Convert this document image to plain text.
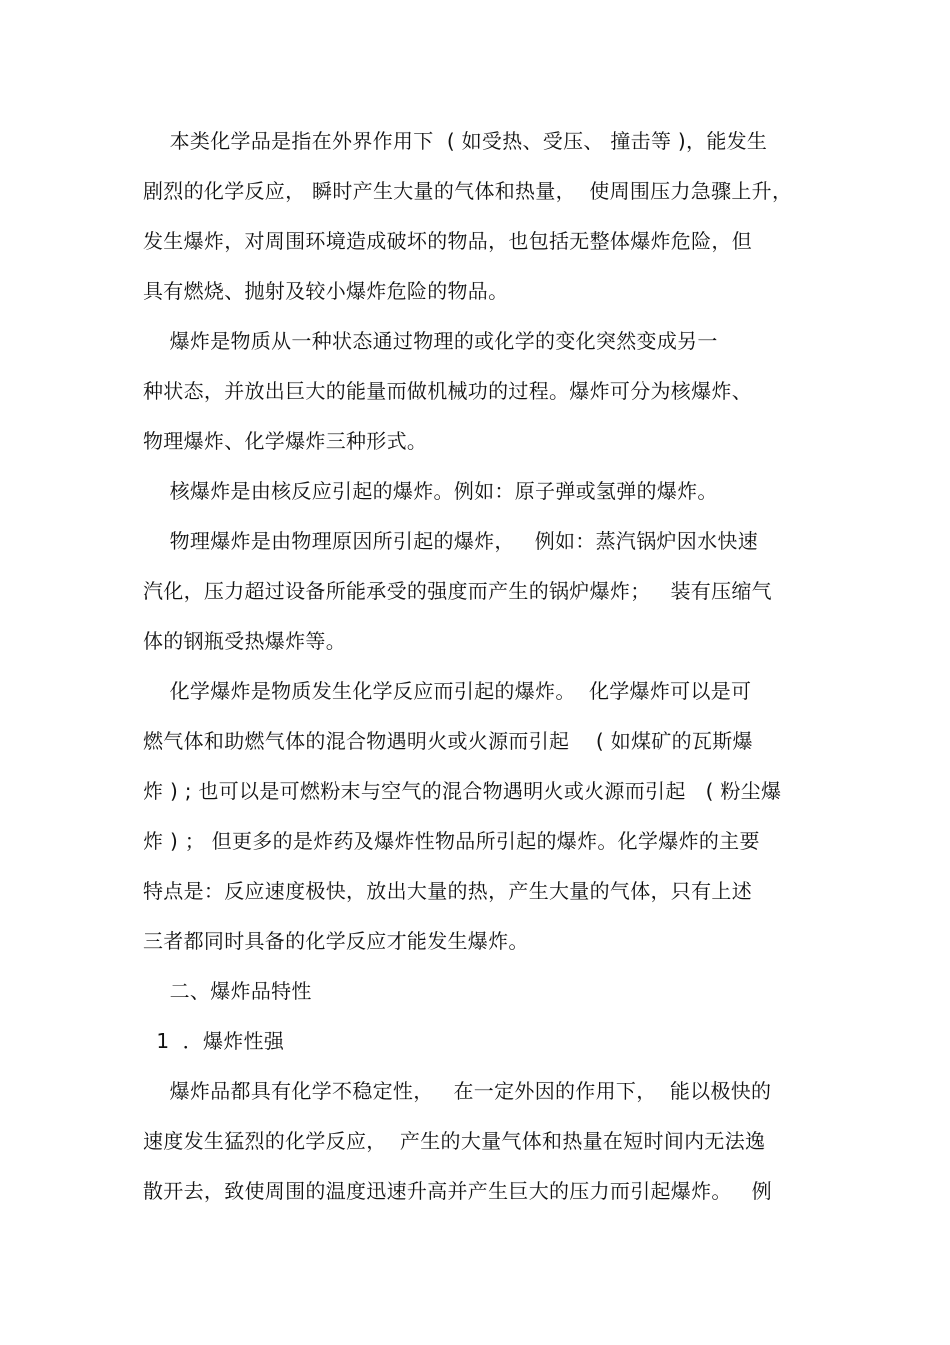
本类化学品是指在外界作用下  ( 如受热、受压、 撞击等 )，能发生
剧烈的化学反应， 瞬时产生大量的气体和热量，  使周围压力急骤上升，
发生爆炸，对周围环境造成破坏的物品，也包括无整体爆炸危险，但
具有燃烧、抛射及较小爆炸危险的物品。
爆炸是物质从一种状态通过物理的或化学的变化突然变成另一
种状态，并放出巨大的能量而做机械功的过程。爆炸可分为核爆炸、
物理爆炸、化学爆炸三种形式。
核爆炸是由核反应引起的爆炸。例如：原子弹或氢弹的爆炸。
物理爆炸是由物理原因所引起的爆炸，   例如：蒸汽锅炉因水快速
汽化，压力超过设备所能承受的强度而产生的锅炉爆炸；   装有压缩气
体的钢瓶受热爆炸等。
化学爆炸是物质发生化学反应而引起的爆炸。  化学爆炸可以是可
燃气体和助燃气体的混合物遇明火或火源而引起    ( 如煤矿的瓦斯爆
炸 ) ; 也可以是可燃粉末与空气的混合物遇明火或火源而引起   ( 粉尘爆
炸 ) ； 但更多的是炸药及爆炸性物品所引起的爆炸。化学爆炸的主要
特点是：反应速度极快，放出大量的热，产生大量的气体，只有上述
三者都同时具备的化学反应才能发生爆炸。
二、爆炸品特性
1  ．爆炸性强
爆炸品都具有化学不稳定性，   在一定外因的作用下，  能以极快的
速度发生猛烈的化学反应，  产生的大量气体和热量在短时间内无法逸
散开去，致使周围的温度迅速升高并产生巨大的压力而引起爆炸。   例
